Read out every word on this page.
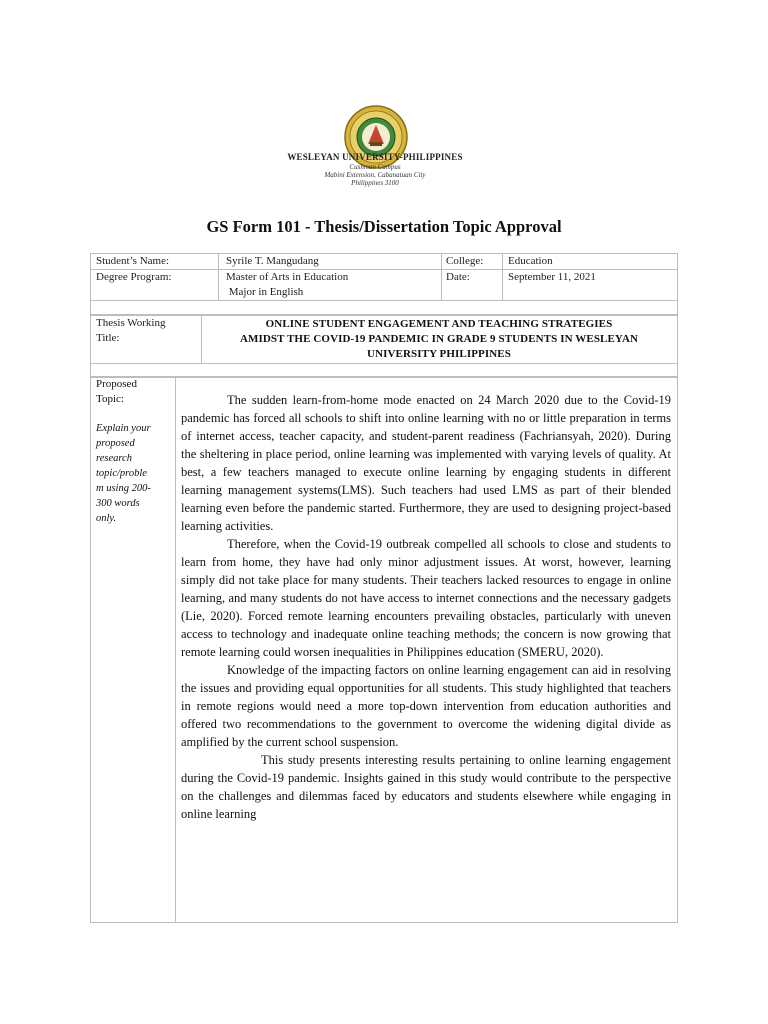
WESLEYAN UNIVERSITY-PHILIPPINES
Cushman Campus
Mabini Extension, Cabanatuan City
Philippines 3100
GS Form 101 - Thesis/Dissertation Topic Approval
Student’s Name:	Syrile T. Mangudang	College: Education
Degree Program:	Master of Arts in Education
Major in English
Date:	September 11, 2021
Thesis Working
Title:
ONLINE STUDENT ENGAGEMENT AND TEACHING STRATEGIES
AMIDST THE COVID-19 PANDEMIC IN GRADE 9 STUDENTS IN WESLEYAN
UNIVERSITY PHILIPPINES
Proposed
Topic:
Explain your
proposed
research
topic/proble
m using 200-
300 words
only.

The sudden learn-from-home mode enacted on 24 March 2020 due to the Covid-19 pandemic has forced all schools to shift into online learning with no or little preparation in terms of internet access, teacher capacity, and student-parent readiness (Fachriansyah, 2020). During the sheltering in place period, online learning was implemented with varying levels of quality. At best, a few teachers managed to execute online learning by engaging students in different learning management systems(LMS). Such teachers had used LMS as part of their blended learning even before the pandemic started. Furthermore, they are used to designing project-based learning activities.

Therefore, when the Covid-19 outbreak compelled all schools to close and students to learn from home, they have had only minor adjustment issues. At worst, however, learning simply did not take place for many students. Their teachers lacked resources to engage in online learning, and many students do not have access to internet connections and the necessary gadgets (Lie, 2020). Forced remote learning encounters prevailing obstacles, particularly with uneven access to technology and inadequate online teaching methods; the concern is now growing that remote learning could worsen inequalities in Philippines education (SMERU, 2020).

Knowledge of the impacting factors on online learning engagement can aid in resolving the issues and providing equal opportunities for all students. This study highlighted that teachers in remote regions would need a more top-down intervention from education authorities and offered two recommendations to the government to overcome the widening digital divide as amplified by the current school suspension.

This study presents interesting results pertaining to online learning engagement during the Covid-19 pandemic. Insights gained in this study would contribute to the perspective on the challenges and dilemmas faced by educators and students elsewhere while engaging in online learning
